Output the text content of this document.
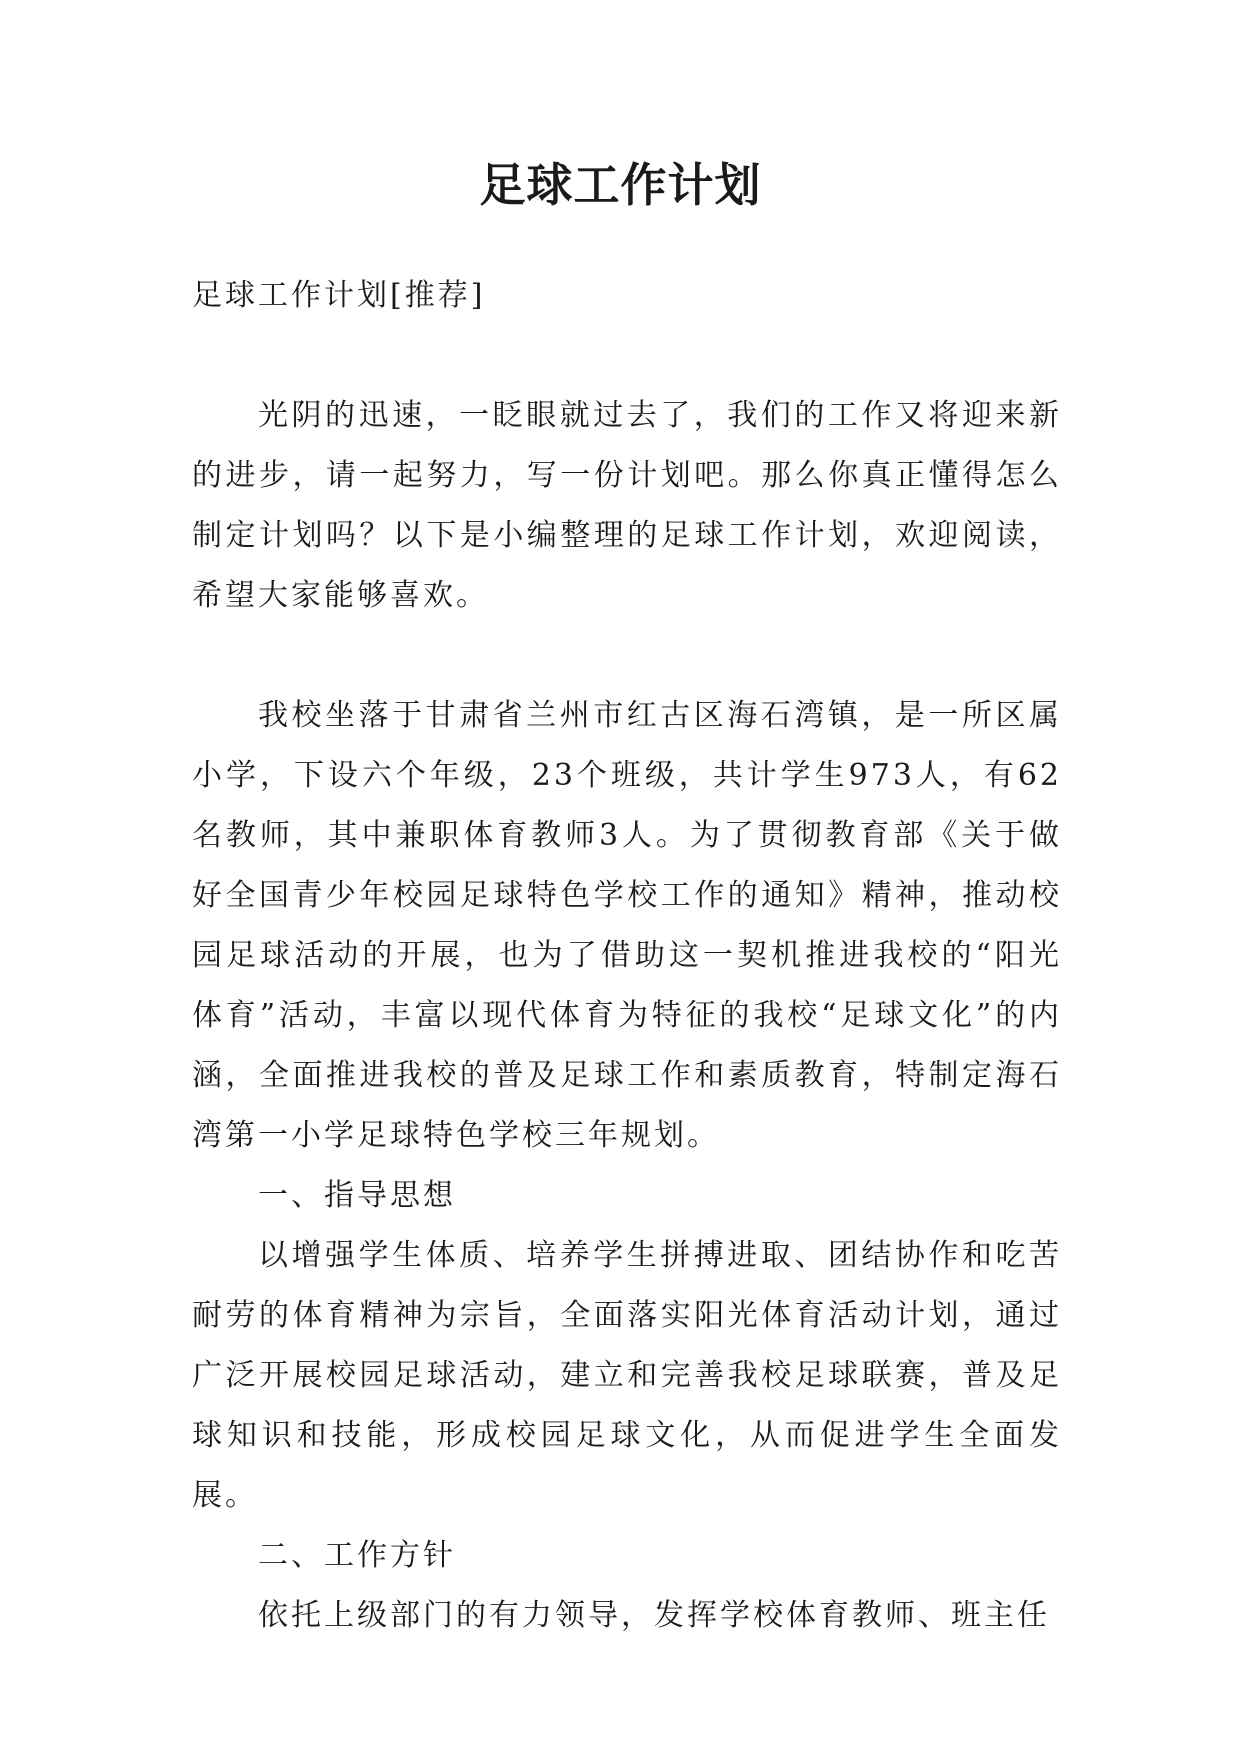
足球工作计划

足球工作计划[推荐]

光阴的迅速，一眨眼就过去了，我们的工作又将迎来新的进步，请一起努力，写一份计划吧。那么你真正懂得怎么制定计划吗？以下是小编整理的足球工作计划，欢迎阅读，希望大家能够喜欢。

我校坐落于甘肃省兰州市红古区海石湾镇，是一所区属小学，下设六个年级，23个班级，共计学生973人，有62名教师，其中兼职体育教师3人。为了贯彻教育部《关于做好全国青少年校园足球特色学校工作的通知》精神，推动校园足球活动的开展，也为了借助这一契机推进我校的“阳光体育”活动，丰富以现代体育为特征的我校“足球文化”的内涵，全面推进我校的普及足球工作和素质教育，特制定海石湾第一小学足球特色学校三年规划。

一、指导思想

以增强学生体质、培养学生拼搏进取、团结协作和吃苦耐劳的体育精神为宗旨，全面落实阳光体育活动计划，通过广泛开展校园足球活动，建立和完善我校足球联赛，普及足球知识和技能，形成校园足球文化，从而促进学生全面发展。

二、工作方针

依托上级部门的有力领导，发挥学校体育教师、班主任
